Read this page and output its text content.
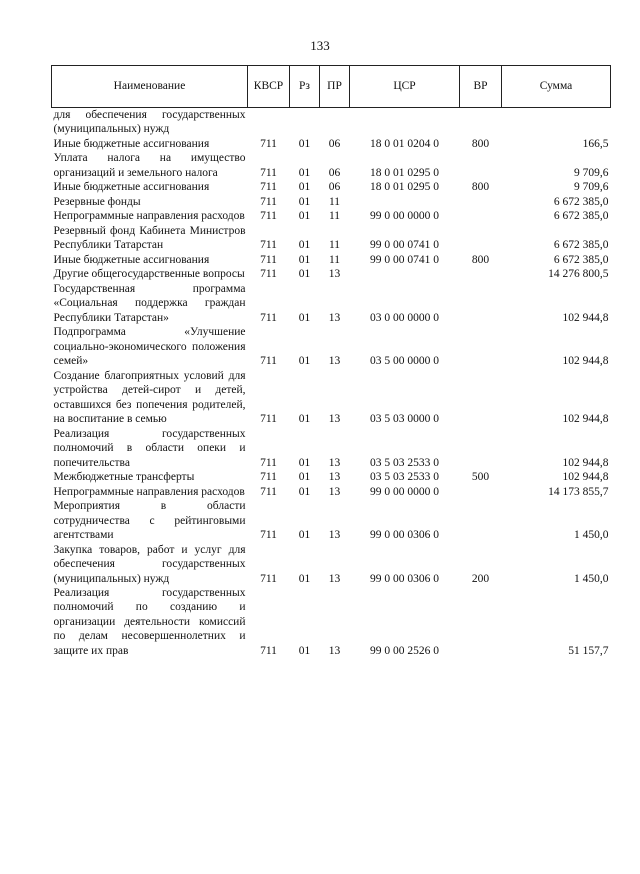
133
Наименование	КВСР	Рз	ПР	ЦСР	ВР	Сумма
для обеспечения государственных (муниципальных) нужд						
Иные бюджетные ассигнования	711	01	06	18 0 01 0204 0	800	166,5
Уплата налога на имущество организаций и земельного налога	711	01	06	18 0 01 0295 0		9 709,6
Иные бюджетные ассигнования	711	01	06	18 0 01 0295 0	800	9 709,6
Резервные фонды	711	01	11			6 672 385,0
Непрограммные направления расходов	711	01	11	99 0 00 0000 0		6 672 385,0
Резервный фонд Кабинета Министров Республики Татарстан	711	01	11	99 0 00 0741 0		6 672 385,0
Иные бюджетные ассигнования	711	01	11	99 0 00 0741 0	800	6 672 385,0
Другие общегосударственные вопросы	711	01	13			14 276 800,5
Государственная программа «Социальная поддержка граждан Республики Татарстан»	711	01	13	03 0 00 0000 0		102 944,8
Подпрограмма «Улучшение социально-экономического положения семей»	711	01	13	03 5 00 0000 0		102 944,8
Создание благоприятных условий для устройства детей-сирот и детей, оставшихся без попечения родителей, на воспитание в семью	711	01	13	03 5 03 0000 0		102 944,8
Реализация государственных полномочий в области опеки и попечительства	711	01	13	03 5 03 2533 0		102 944,8
Межбюджетные трансферты	711	01	13	03 5 03 2533 0	500	102 944,8
Непрограммные направления расходов	711	01	13	99 0 00 0000 0		14 173 855,7
Мероприятия в области сотрудничества с рейтинговыми агентствами	711	01	13	99 0 00 0306 0		1 450,0
Закупка товаров, работ и услуг для обеспечения государственных (муниципальных) нужд	711	01	13	99 0 00 0306 0	200	1 450,0
Реализация государственных полномочий по созданию и организации деятельности комиссий по делам несовершеннолетних и защите их прав	711	01	13	99 0 00 2526 0		51 157,7
